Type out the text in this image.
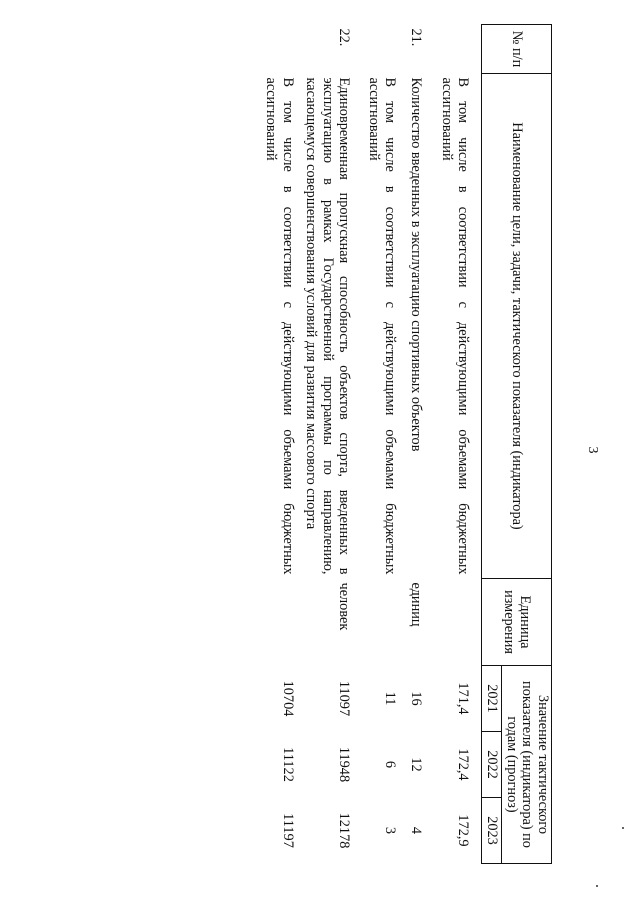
3
№ п/п	Наименование цели, задачи, тактического показателя (индикатора)	Единица измерения	Значение тактического показателя (индикатора) по годам (прогноз)		
			2021	2022	2023

	В том числе в соответствии с действующими объемами бюджетных ассигнований		171,4	172,4	172,9
21.	Количество введенных в эксплуатацию спортивных объектов	единиц	16	12	4
	В том числе в соответствии с действующими объемами бюджетных ассигнований		11	6	3
22.	Единовременная пропускная способность объектов спорта, введенных в эксплуатацию в рамках Государственной программы по направлению, касающемуся совершенствования условий для развития массового спорта	человек	11097	11948	12178
	В том числе в соответствии с действующими объемами бюджетных ассигнований		10704	11122	11197
